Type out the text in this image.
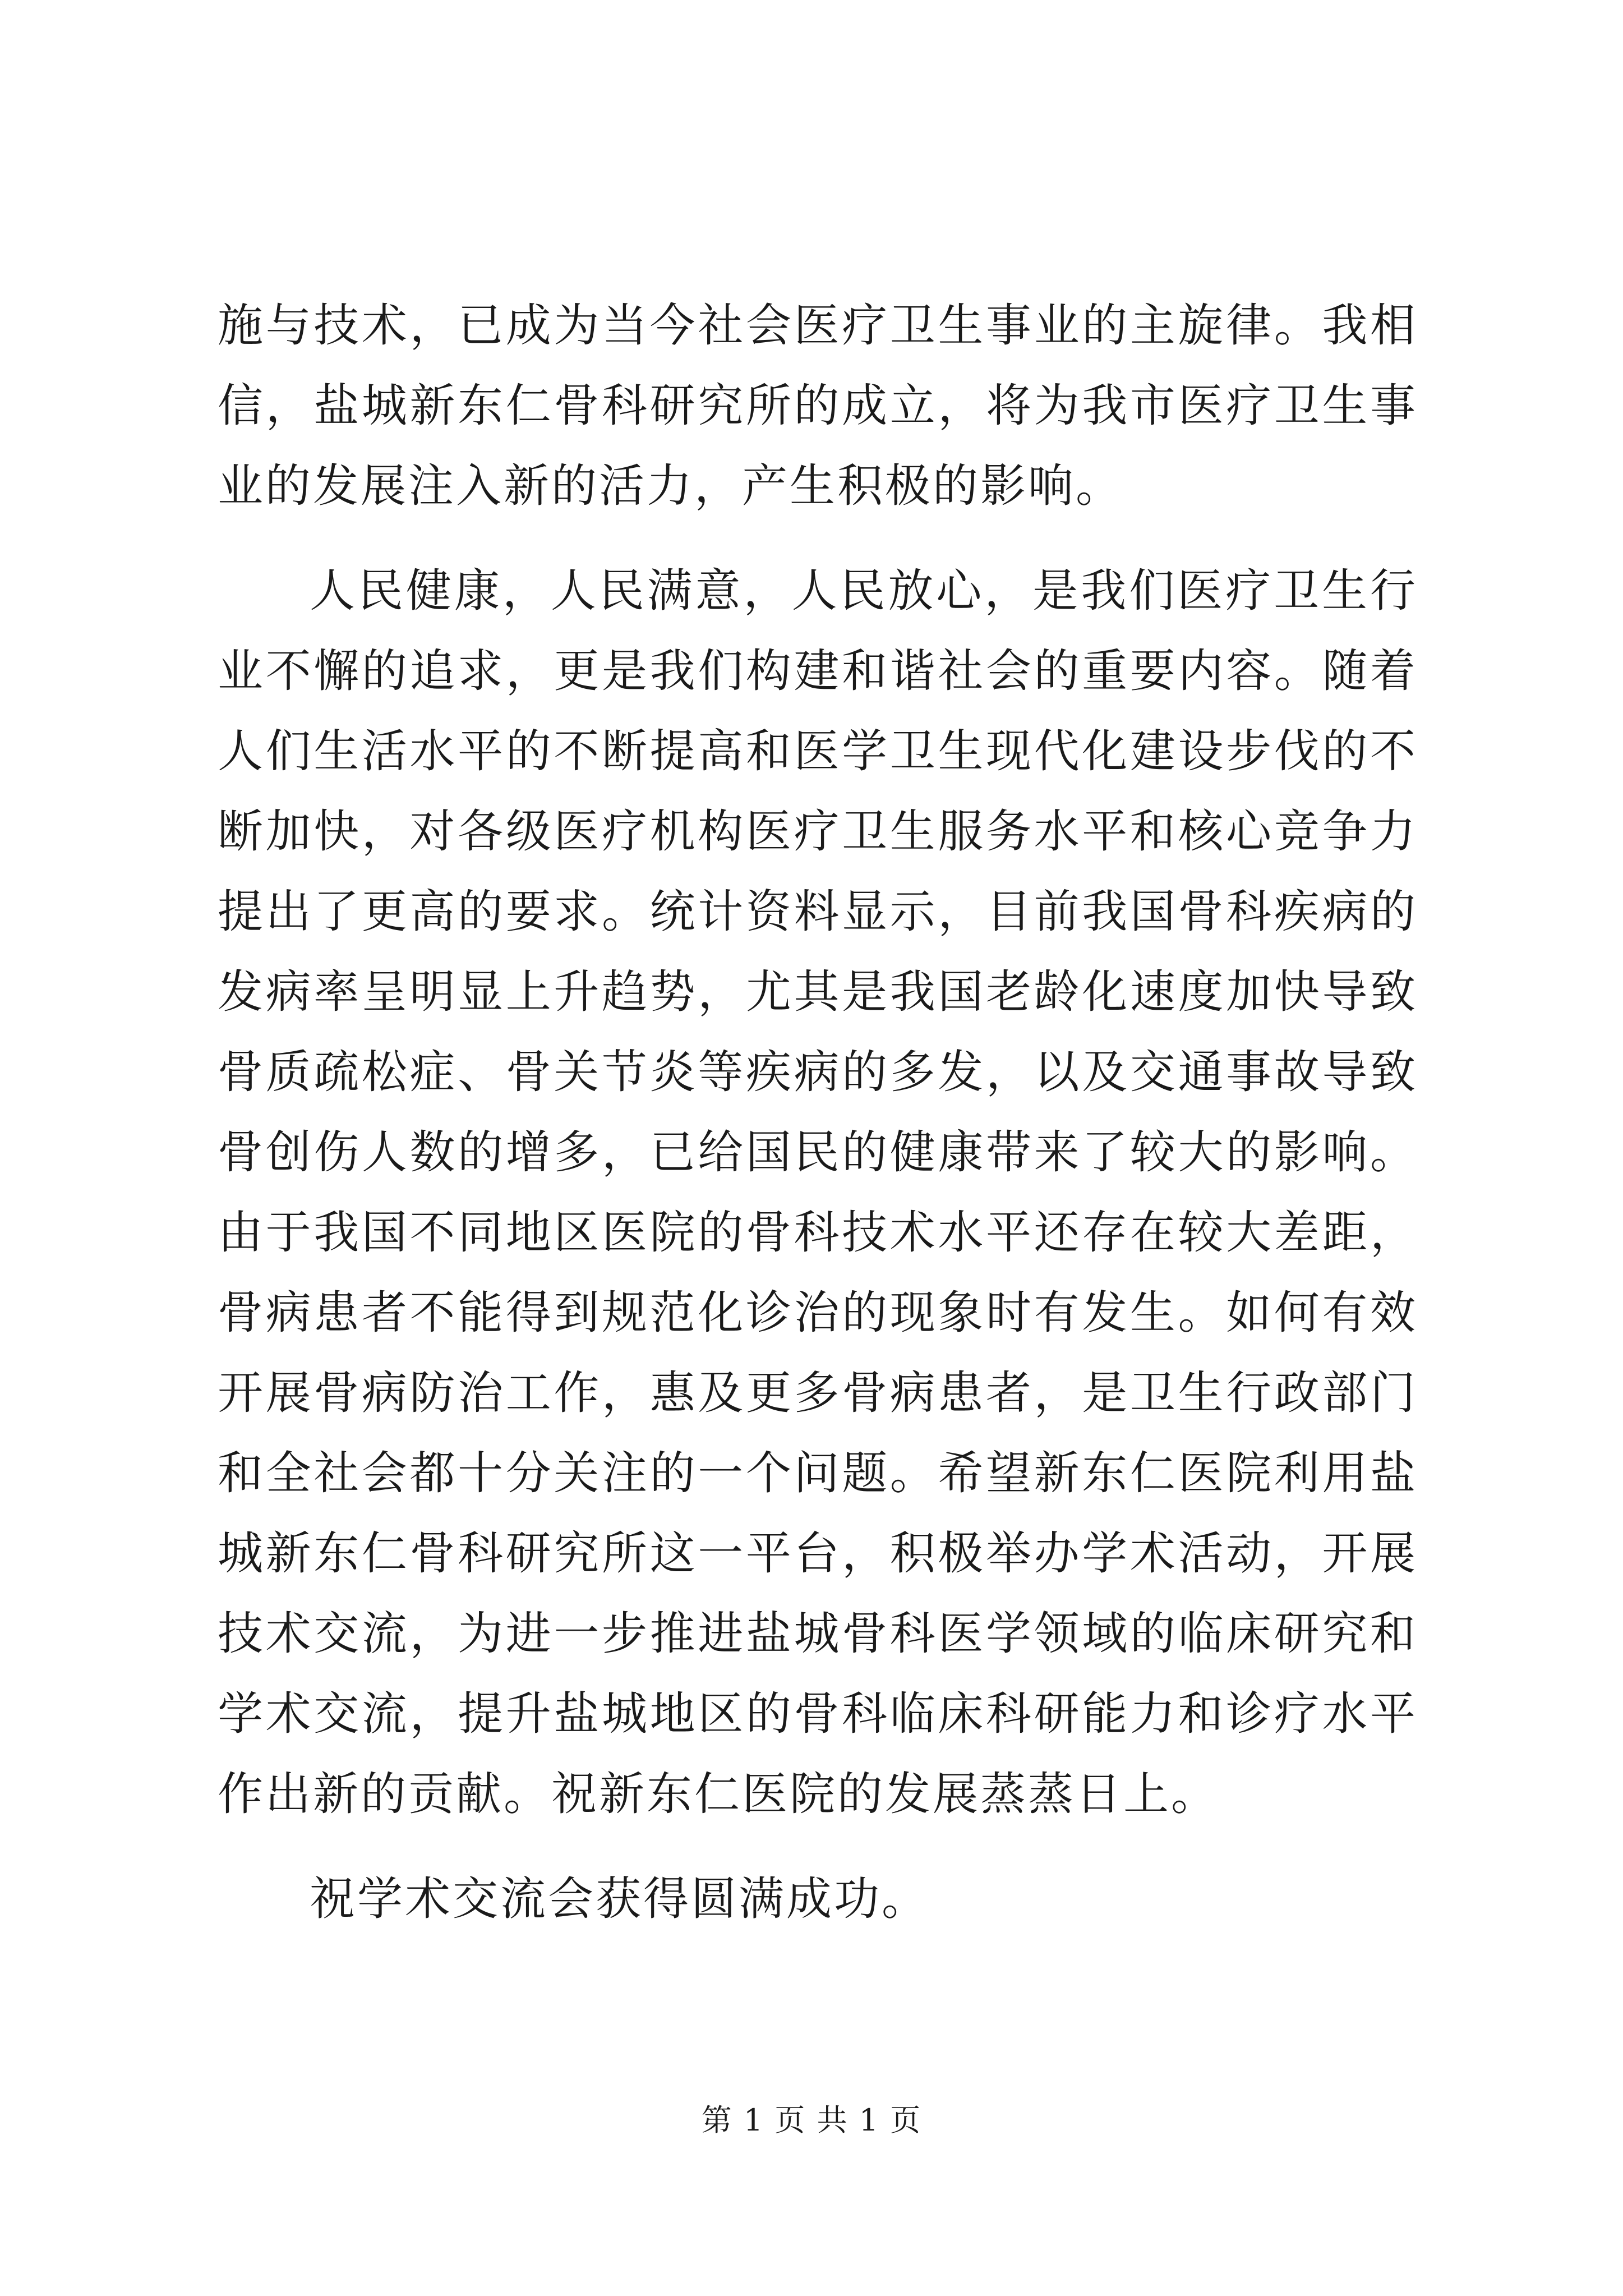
施与技术，已成为当今社会医疗卫生事业的主旋律。我相信，盐城新东仁骨科研究所的成立，将为我市医疗卫生事业的发展注入新的活力，产生积极的影响。

人民健康，人民满意，人民放心，是我们医疗卫生行业不懈的追求，更是我们构建和谐社会的重要内容。随着人们生活水平的不断提高和医学卫生现代化建设步伐的不断加快，对各级医疗机构医疗卫生服务水平和核心竞争力提出了更高的要求。统计资料显示，目前我国骨科疾病的发病率呈明显上升趋势，尤其是我国老龄化速度加快导致骨质疏松症、骨关节炎等疾病的多发，以及交通事故导致骨创伤人数的增多，已给国民的健康带来了较大的影响。由于我国不同地区医院的骨科技术水平还存在较大差距，骨病患者不能得到规范化诊治的现象时有发生。如何有效开展骨病防治工作，惠及更多骨病患者，是卫生行政部门和全社会都十分关注的一个问题。希望新东仁医院利用盐城新东仁骨科研究所这一平台，积极举办学术活动，开展技术交流，为进一步推进盐城骨科医学领域的临床研究和学术交流，提升盐城地区的骨科临床科研能力和诊疗水平作出新的贡献。祝新东仁医院的发展蒸蒸日上。

祝学术交流会获得圆满成功。

第 1 页 共 1 页
